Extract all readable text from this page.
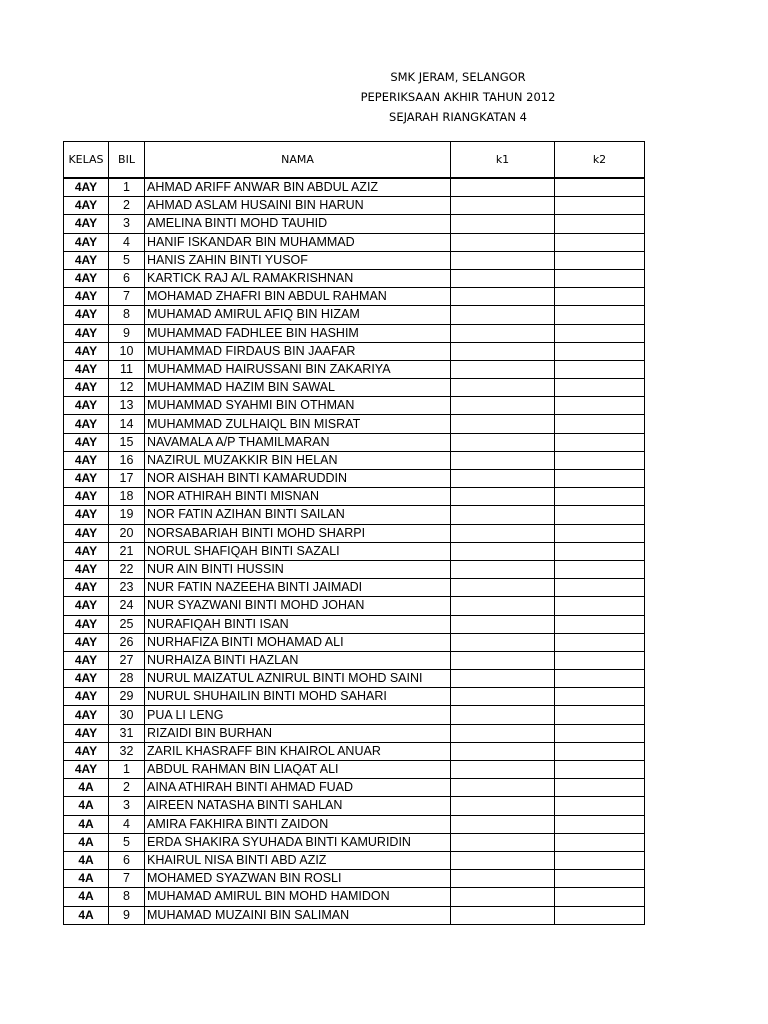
SMK JERAM, SELANGOR
PEPERIKSAAN AKHIR TAHUN 2012
SEJARAH RIANGKATAN 4
KELAS	BIL	NAMA	k1	k2
4AY	1	AHMAD ARIFF ANWAR BIN ABDUL AZIZ		
4AY	2	AHMAD ASLAM HUSAINI BIN HARUN		
4AY	3	AMELINA BINTI MOHD TAUHID		
4AY	4	HANIF ISKANDAR BIN MUHAMMAD		
4AY	5	HANIS ZAHIN BINTI YUSOF		
4AY	6	KARTICK RAJ A/L RAMAKRISHNAN		
4AY	7	MOHAMAD ZHAFRI BIN ABDUL RAHMAN		
4AY	8	MUHAMAD AMIRUL AFIQ BIN HIZAM		
4AY	9	MUHAMMAD FADHLEE BIN HASHIM		
4AY	10	MUHAMMAD FIRDAUS BIN JAAFAR		
4AY	11	MUHAMMAD HAIRUSSANI BIN ZAKARIYA		
4AY	12	MUHAMMAD HAZIM BIN SAWAL		
4AY	13	MUHAMMAD SYAHMI BIN OTHMAN		
4AY	14	MUHAMMAD ZULHAIQL BIN MISRAT		
4AY	15	NAVAMALA A/P THAMILMARAN		
4AY	16	NAZIRUL MUZAKKIR BIN HELAN		
4AY	17	NOR AISHAH BINTI KAMARUDDIN		
4AY	18	NOR ATHIRAH BINTI MISNAN		
4AY	19	NOR FATIN AZIHAN BINTI SAILAN		
4AY	20	NORSABARIAH BINTI MOHD SHARPI		
4AY	21	NORUL SHAFIQAH BINTI SAZALI		
4AY	22	NUR AIN BINTI HUSSIN		
4AY	23	NUR FATIN NAZEEHA BINTI JAIMADI		
4AY	24	NUR SYAZWANI BINTI MOHD JOHAN		
4AY	25	NURAFIQAH BINTI ISAN		
4AY	26	NURHAFIZA BINTI MOHAMAD ALI		
4AY	27	NURHAIZA BINTI HAZLAN		
4AY	28	NURUL MAIZATUL AZNIRUL BINTI MOHD SAINI		
4AY	29	NURUL SHUHAILIN BINTI MOHD SAHARI		
4AY	30	PUA LI LENG		
4AY	31	RIZAIDI BIN BURHAN		
4AY	32	ZARIL KHASRAFF BIN KHAIROL ANUAR		
4AY	1	ABDUL RAHMAN BIN LIAQAT ALI		
4A	2	AINA ATHIRAH BINTI AHMAD FUAD		
4A	3	AIREEN NATASHA BINTI SAHLAN		
4A	4	AMIRA FAKHIRA BINTI ZAIDON		
4A	5	ERDA SHAKIRA SYUHADA BINTI KAMURIDIN		
4A	6	KHAIRUL NISA BINTI ABD AZIZ		
4A	7	MOHAMED SYAZWAN BIN ROSLI		
4A	8	MUHAMAD AMIRUL BIN MOHD HAMIDON		
4A	9	MUHAMAD MUZAINI BIN SALIMAN		
